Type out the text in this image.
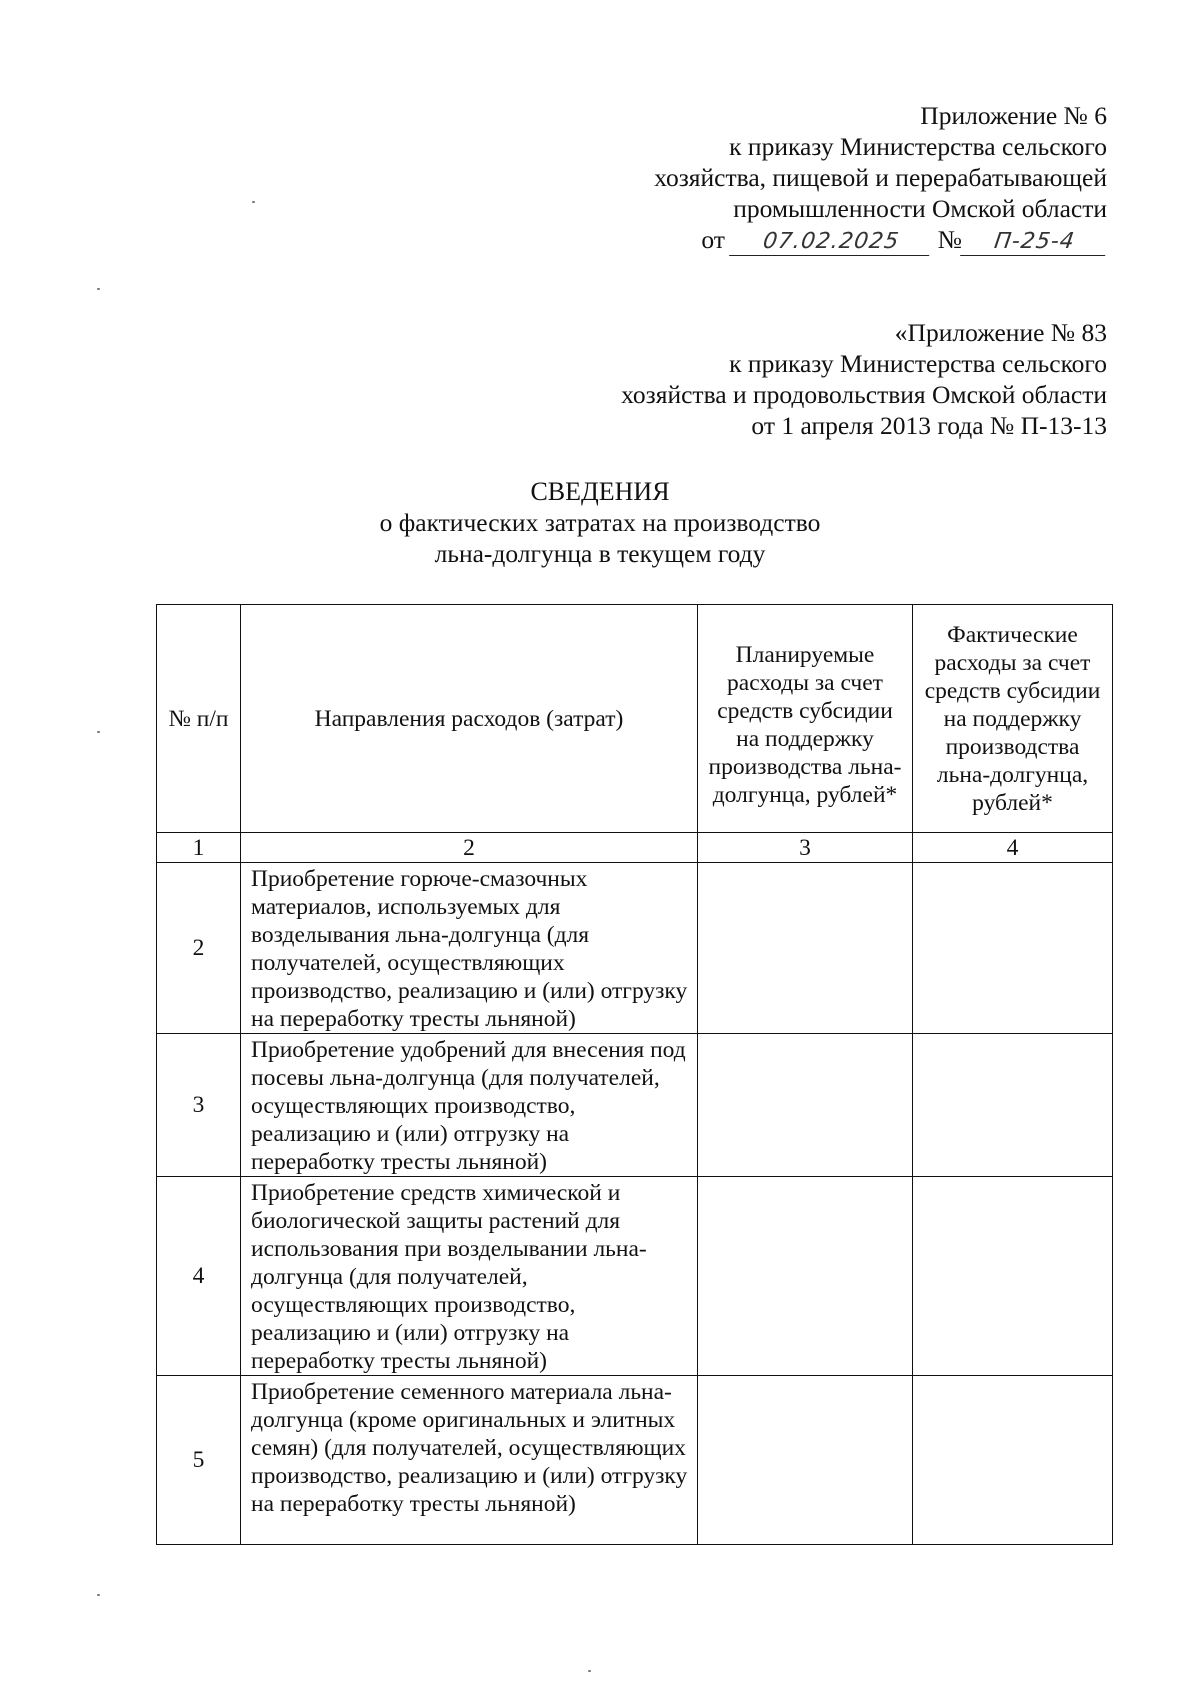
Приложение № 6
к приказу Министерства сельского
хозяйства, пищевой и перерабатывающей
промышленности Омской области
от 07.02.2025 № П-25-4
«Приложение № 83
к приказу Министерства сельского
хозяйства и продовольствия Омской области
от 1 апреля 2013 года № П-13-13
СВЕДЕНИЯ
о фактических затратах на производство
льна-долгунца в текущем году
№ п/п	Направления расходов (затрат)	Планируемые расходы за счет средств субсидии на поддержку производства льна-долгунца, рублей*	Фактические расходы за счет средств субсидии на поддержку производства льна-долгунца, рублей*

1	2	3	4
2	Приобретение горюче-смазочных материалов, используемых для возделывания льна-долгунца (для получателей, осуществляющих производство, реализацию и (или) отгрузку на переработку тресты льняной)		
3	Приобретение удобрений для внесения под посевы льна-долгунца (для получателей, осуществляющих производство, реализацию и (или) отгрузку на переработку тресты льняной)		
4	Приобретение средств химической и биологической защиты растений для использования при возделывании льна-долгунца (для получателей, осуществляющих производство, реализацию и (или) отгрузку на переработку тресты льняной)		
5	Приобретение семенного материала льна-долгунца (кроме оригинальных и элитных семян) (для получателей, осуществляющих производство, реализацию и (или) отгрузку на переработку тресты льняной)		
